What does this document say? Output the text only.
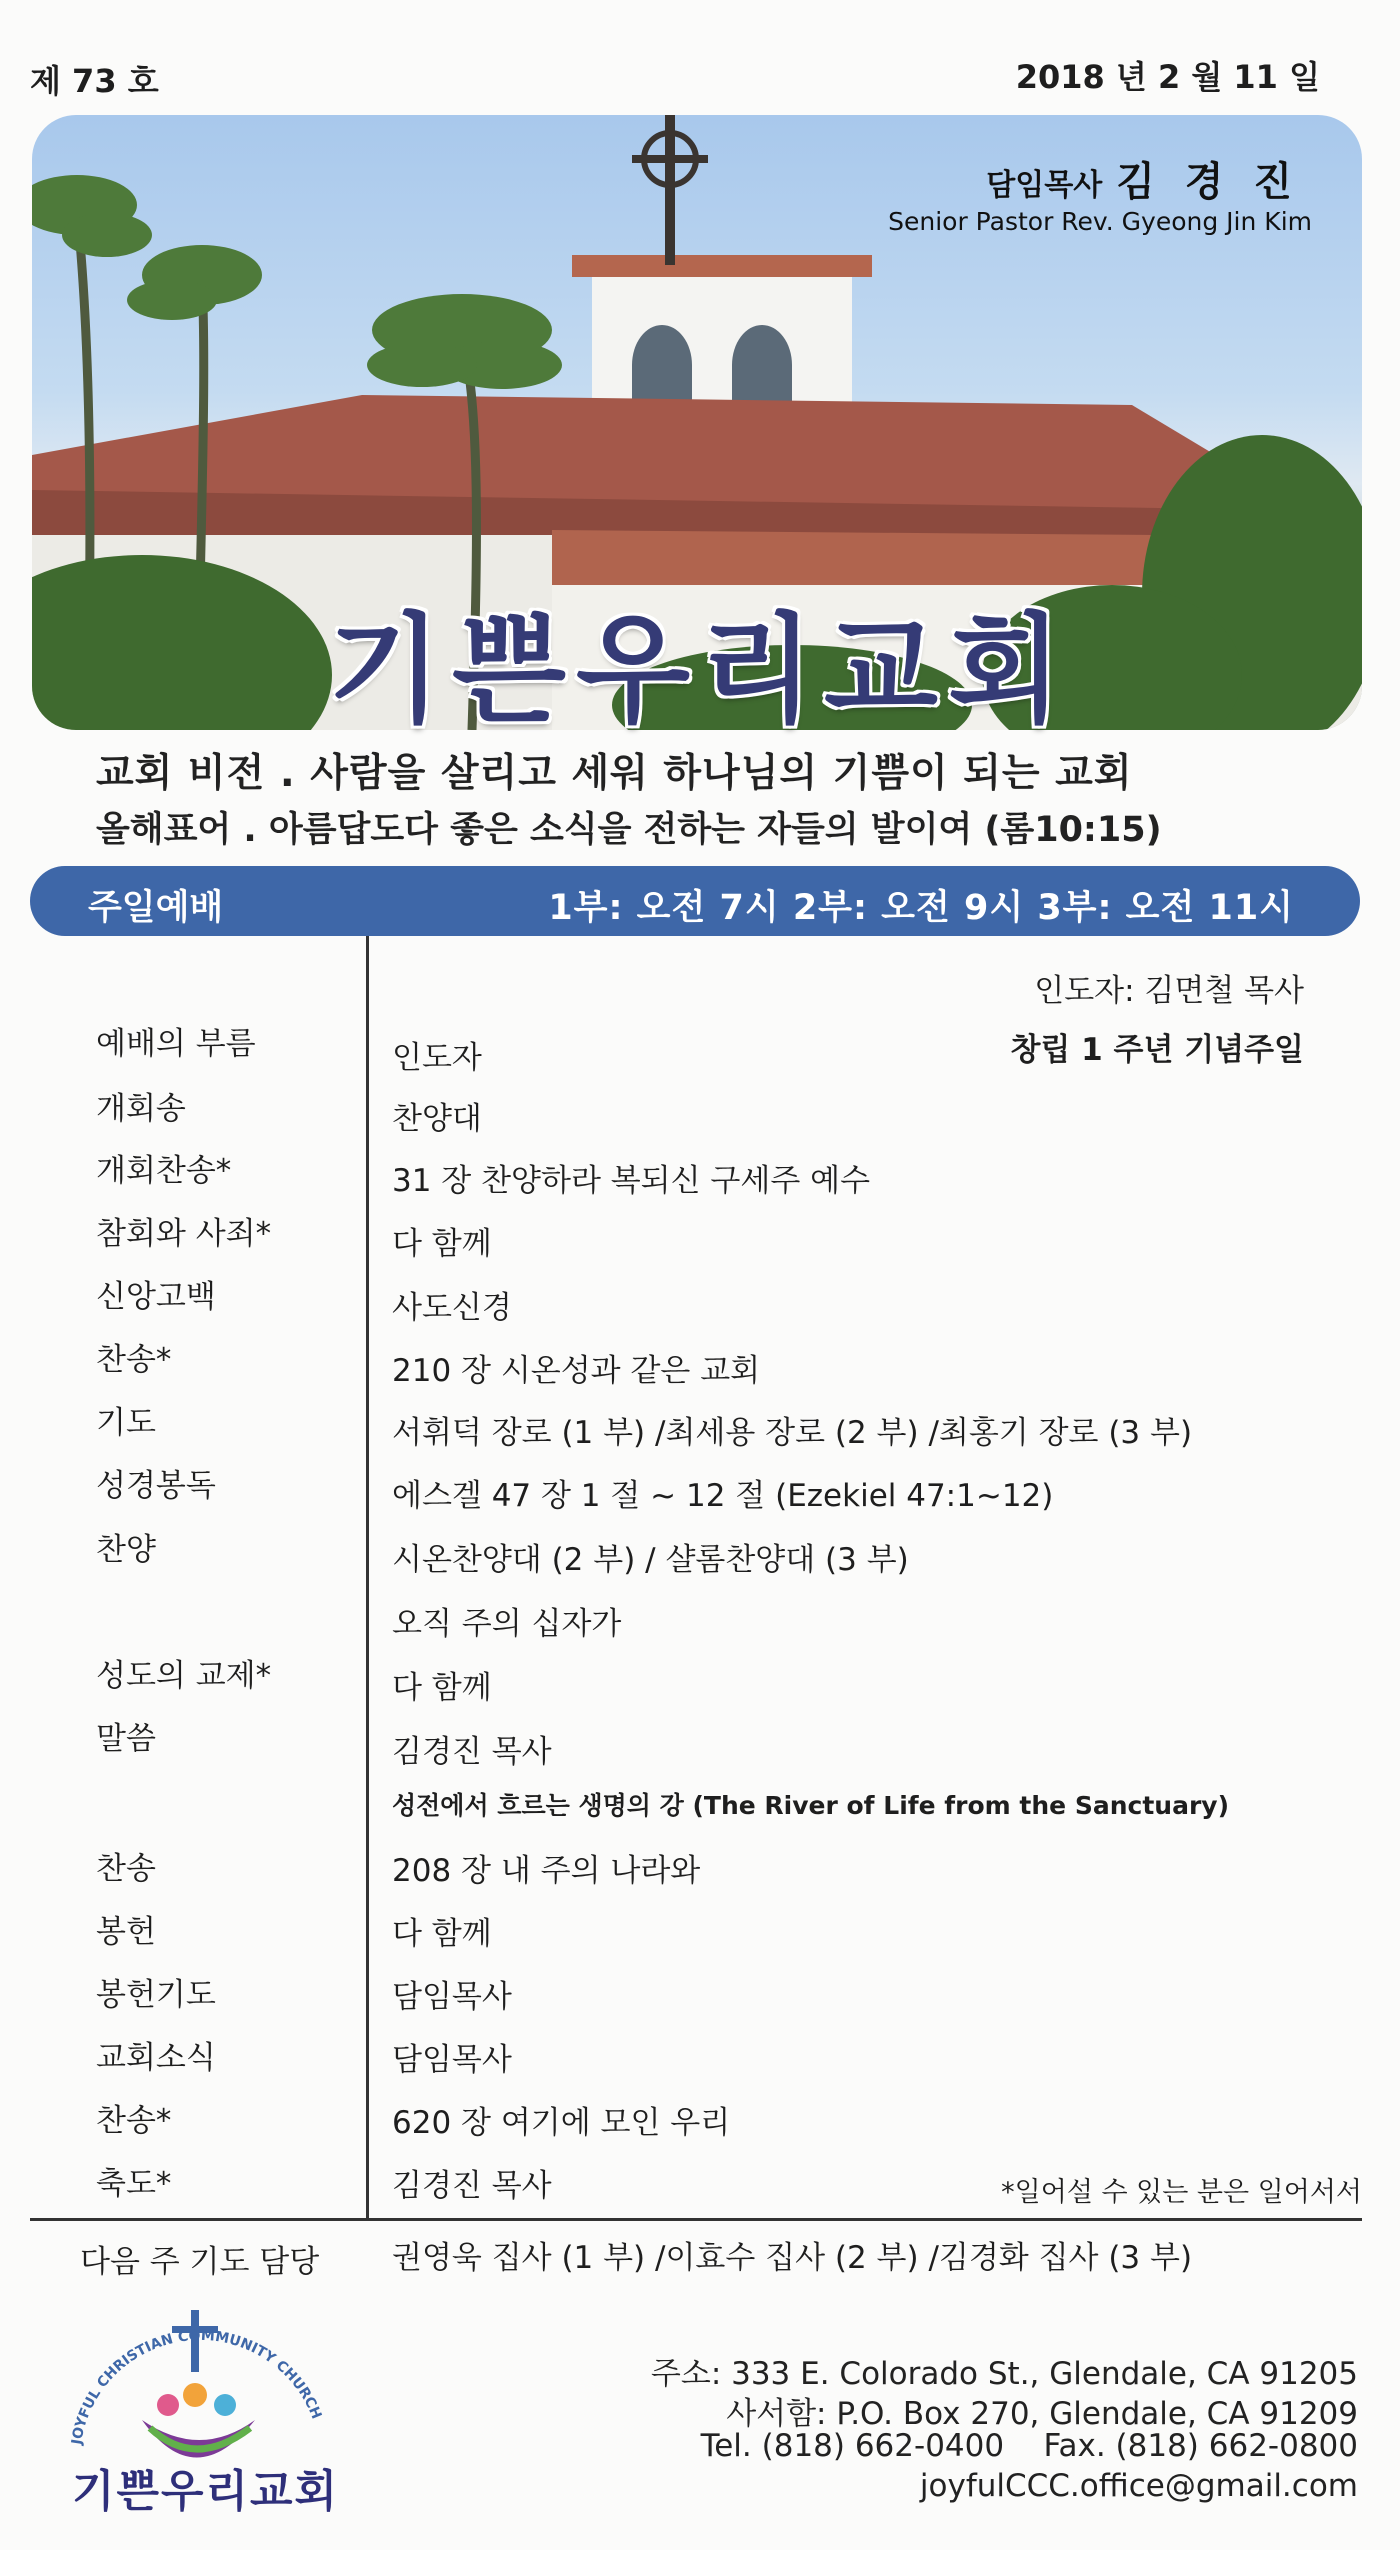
제 73 호	2018 년 2 월 11 일
담임목사 김 경 진
Senior Pastor Rev. Gyeong Jin Kim
기쁜우리교회
교회 비전 . 사람을 살리고 세워 하나님의 기쁨이 되는 교회
올해표어 . 아름답도다 좋은 소식을 전하는 자들의 발이여 (롬10:15)
주일예배	1부: 오전 7시 2부: 오전 9시 3부: 오전 11시
인도자: 김면철 목사
창립 1 주년 기념주일
예배의 부름	인도자
개회송	찬양대
개회찬송*	31 장 찬양하라 복되신 구세주 예수
참회와 사죄*	다 함께
신앙고백	사도신경
찬송*	210 장 시온성과 같은 교회
기도	서휘덕 장로 (1 부) /최세용 장로 (2 부) /최홍기 장로 (3 부)
성경봉독	에스겔 47 장 1 절 ~ 12 절 (Ezekiel 47:1~12)
찬양	시온찬양대 (2 부) / 샬롬찬양대 (3 부)
오직 주의 십자가
성도의 교제*	다 함께
말씀	김경진 목사
성전에서 흐르는 생명의 강 (The River of Life from the Sanctuary)
찬송	208 장 내 주의 나라와
봉헌	다 함께
봉헌기도	담임목사
교회소식	담임목사
찬송*	620 장 여기에 모인 우리
축도*	김경진 목사	*일어설 수 있는 분은 일어서서
다음 주 기도 담당 권영욱 집사 (1 부) /이효수 집사 (2 부) /김경화 집사 (3 부)
JOYFUL CHRISTIAN COMMUNITY CHURCH
기쁜우리교회
주소: 333 E. Colorado St., Glendale, CA 91205
사서함: P.O. Box 270, Glendale, CA 91209
Tel. (818) 662-0400    Fax. (818) 662-0800
joyfulCCC.office@gmail.com
